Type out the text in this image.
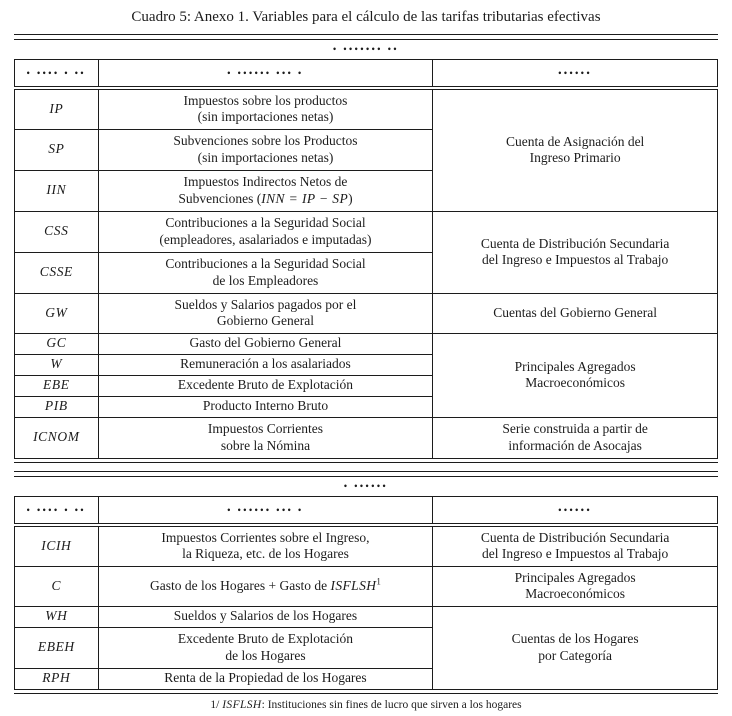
Cuadro 5: Anexo 1. Variables para el cálculo de las tarifas tributarias efectivas
• ••••••• ••
• •••• • ••	• •••••• ••• •	••••••
IP	Impuestos sobre los productos
(sin importaciones netas)	Cuenta de Asignación del
Ingreso Primario

SP	Subvenciones sobre los Productos
(sin importaciones netas)	

IIN	Impuestos Indirectos Netos de
Subvenciones (INN = IP − SP)	

CSS	Contribuciones a la Seguridad Social
(empleadores, asalariados e imputadas)	Cuenta de Distribución Secundaria
del Ingreso e Impuestos al Trabajo

CSSE	Contribuciones a la Seguridad Social
de los Empleadores	

GW	Sueldos y Salarios pagados por el
Gobierno General	Cuentas del Gobierno General

GC	Gasto del Gobierno General	Principales Agregados
Macroeconómicos

W	Remuneración a los asalariados	

EBE	Excedente Bruto de Explotación	

PIB	Producto Interno Bruto	

ICNOM	Impuestos Corrientes
sobre la Nómina	Serie construida a partir de
información de Asocajas
• ••••••
• •••• • ••	• •••••• ••• •	••••••
ICIH	Impuestos Corrientes sobre el Ingreso,
la Riqueza, etc. de los Hogares	Cuenta de Distribución Secundaria
del Ingreso e Impuestos al Trabajo

C	Gasto de los Hogares + Gasto de ISFLSH$^1$	Principales Agregados
Macroeconómicos

WH	Sueldos y Salarios de los Hogares	Cuentas de los Hogares
por Categoría

EBEH	Excedente Bruto de Explotación
de los Hogares	

RPH	Renta de la Propiedad de los Hogares	
1/ ISFLSH: Instituciones sin fines de lucro que sirven a los hogares
